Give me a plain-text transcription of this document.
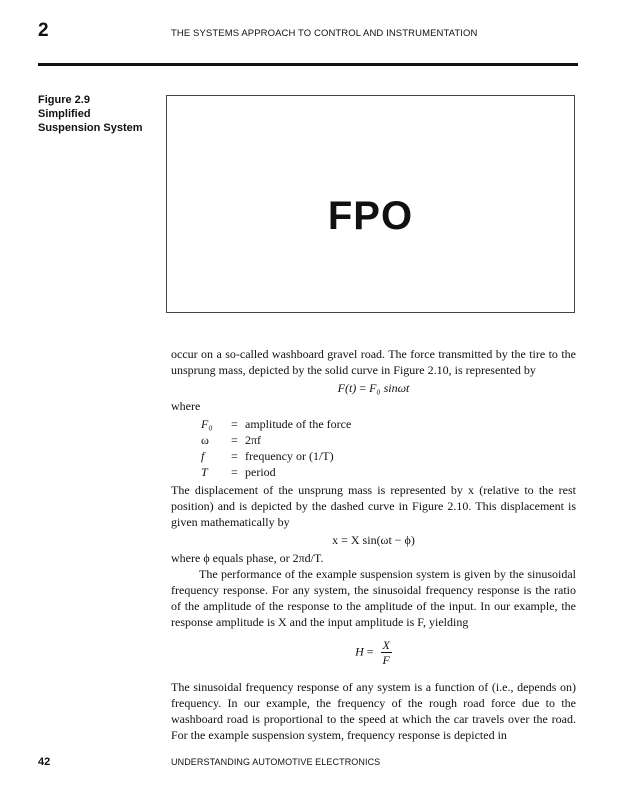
2	THE SYSTEMS APPROACH TO CONTROL AND INSTRUMENTATION
Figure 2.9
Simplified
Suspension System
FPO

occur on a so-called washboard gravel road. The force transmitted by the tire to the unsprung mass, depicted by the solid curve in Figure 2.10, is represented by

F(t) = F₀ sinωt

where

F₀	= amplitude of the force
ω	= 2πf
f	= frequency or (1/T)
T	= period

The displacement of the unsprung mass is represented by x (relative to the rest position) and is depicted by the dashed curve in Figure 2.10. This displacement is given mathematically by

x = X sin(ωt − ϕ)

where ϕ equals phase, or 2πd/T.

The performance of the example suspension system is given by the sinusoidal frequency response. For any system, the sinusoidal frequency response is the ratio of the amplitude of the response to the amplitude of the input. In our example, the response amplitude is X and the input amplitude is F, yielding

$H = \frac{X}{F}$

The sinusoidal frequency response of any system is a function of (i.e., depends on) frequency. In our example, the frequency of the rough road force due to the washboard road is proportional to the speed at which the car travels over the road. For the example suspension system, frequency response is depicted in

42	UNDERSTANDING AUTOMOTIVE ELECTRONICS
